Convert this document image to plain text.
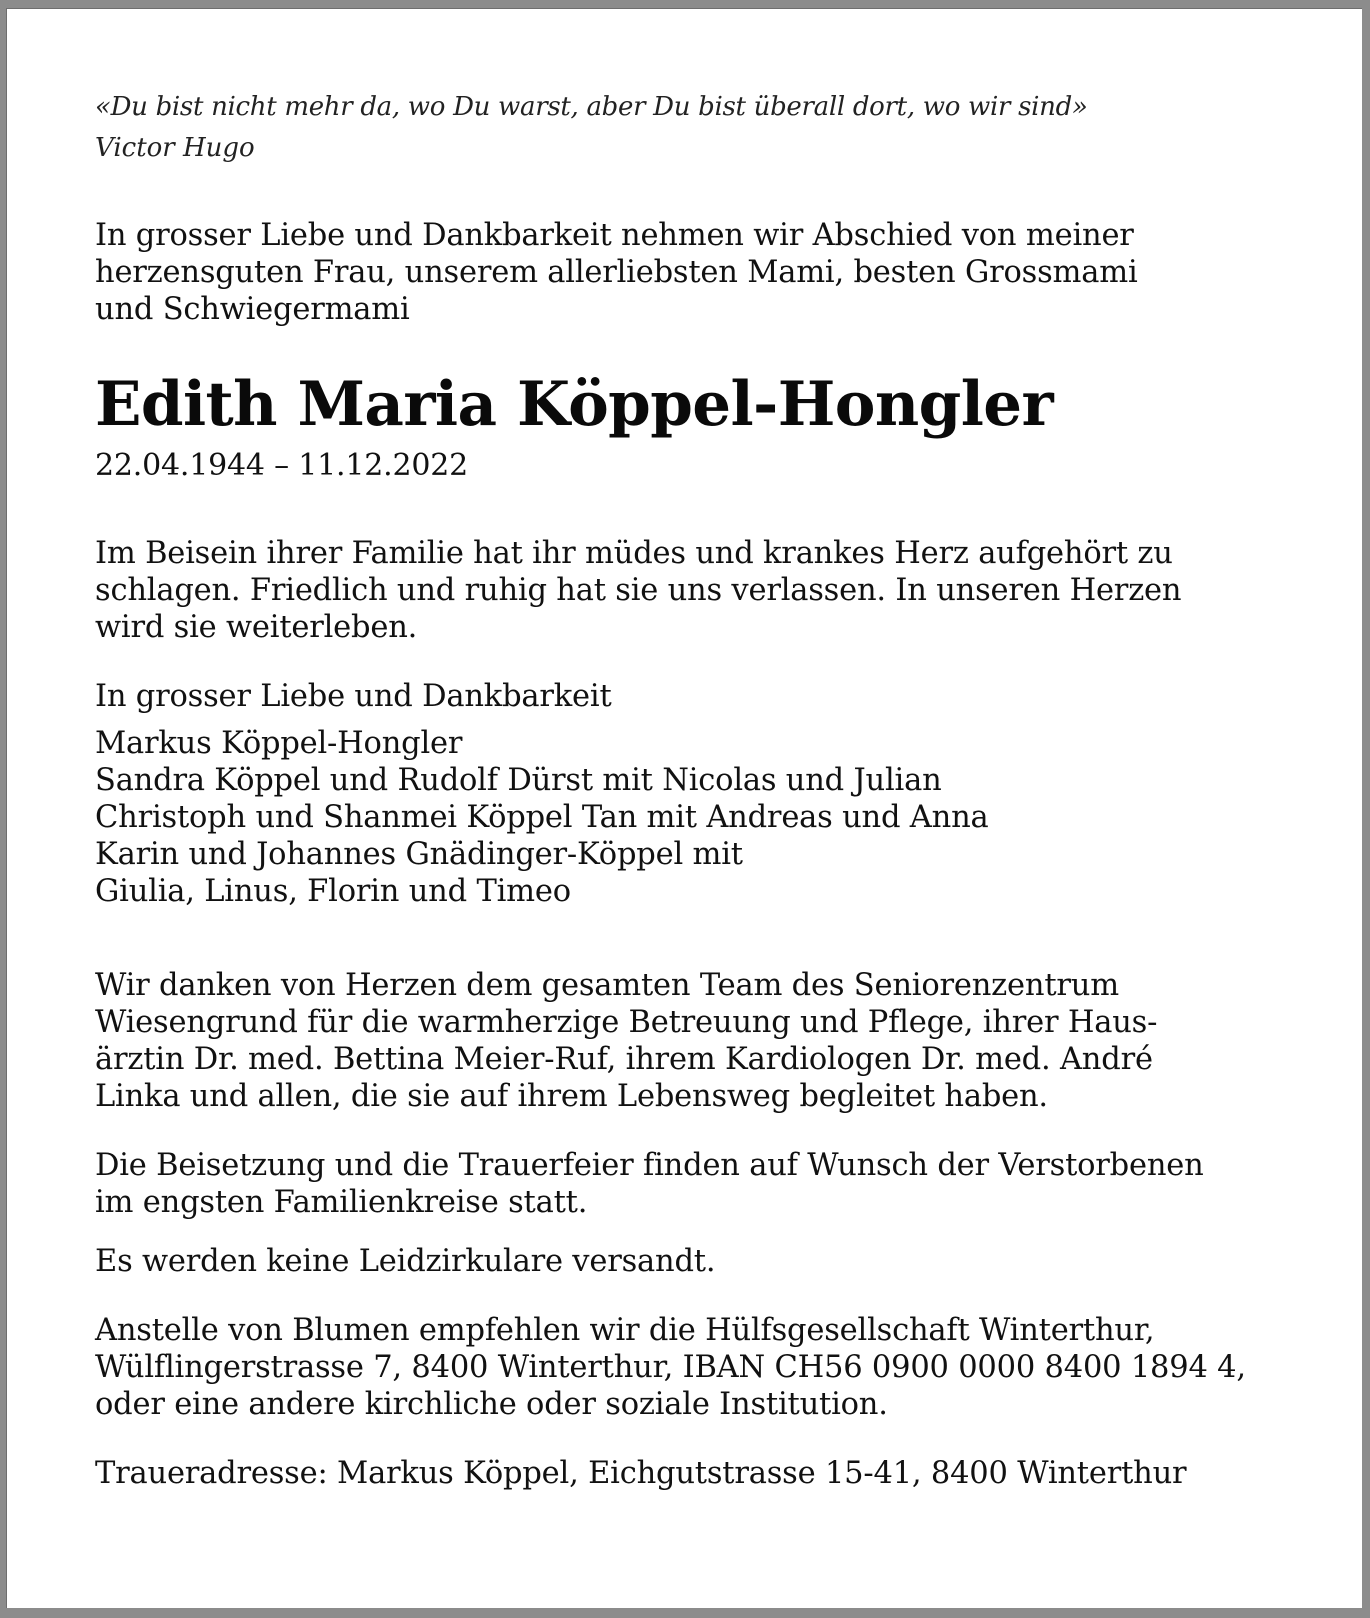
«Du bist nicht mehr da, wo Du warst, aber Du bist überall dort, wo wir sind»

Victor Hugo

In grosser Liebe und Dankbarkeit nehmen wir Abschied von meiner
herzensguten Frau, unserem allerliebsten Mami, besten Grossmami
und Schwiegermami
Edith Maria Köppel-Hongler
22.04.1944 – 11.12.2022
Im Beisein ihrer Familie hat ihr müdes und krankes Herz aufgehört zu
schlagen. Friedlich und ruhig hat sie uns verlassen. In unseren Herzen
wird sie weiterleben.
In grosser Liebe und Dankbarkeit
Markus Köppel-Hongler
Sandra Köppel und Rudolf Dürst mit Nicolas und Julian
Christoph und Shanmei Köppel Tan mit Andreas und Anna
Karin und Johannes Gnädinger-Köppel mit
Giulia, Linus, Florin und Timeo
Wir danken von Herzen dem gesamten Team des Seniorenzentrum
Wiesengrund für die warmherzige Betreuung und Pflege, ihrer Haus-
ärztin Dr. med. Bettina Meier-Ruf, ihrem Kardiologen Dr. med. André
Linka und allen, die sie auf ihrem Lebensweg begleitet haben.
Die Beisetzung und die Trauerfeier finden auf Wunsch der Verstorbenen
im engsten Familienkreise statt.
Es werden keine Leidzirkulare versandt.
Anstelle von Blumen empfehlen wir die Hülfsgesellschaft Winterthur,
Wülflingerstrasse 7, 8400 Winterthur, IBAN CH56 0900 0000 8400 1894 4,
oder eine andere kirchliche oder soziale Institution.
Traueradresse: Markus Köppel, Eichgutstrasse 15-41, 8400 Winterthur
